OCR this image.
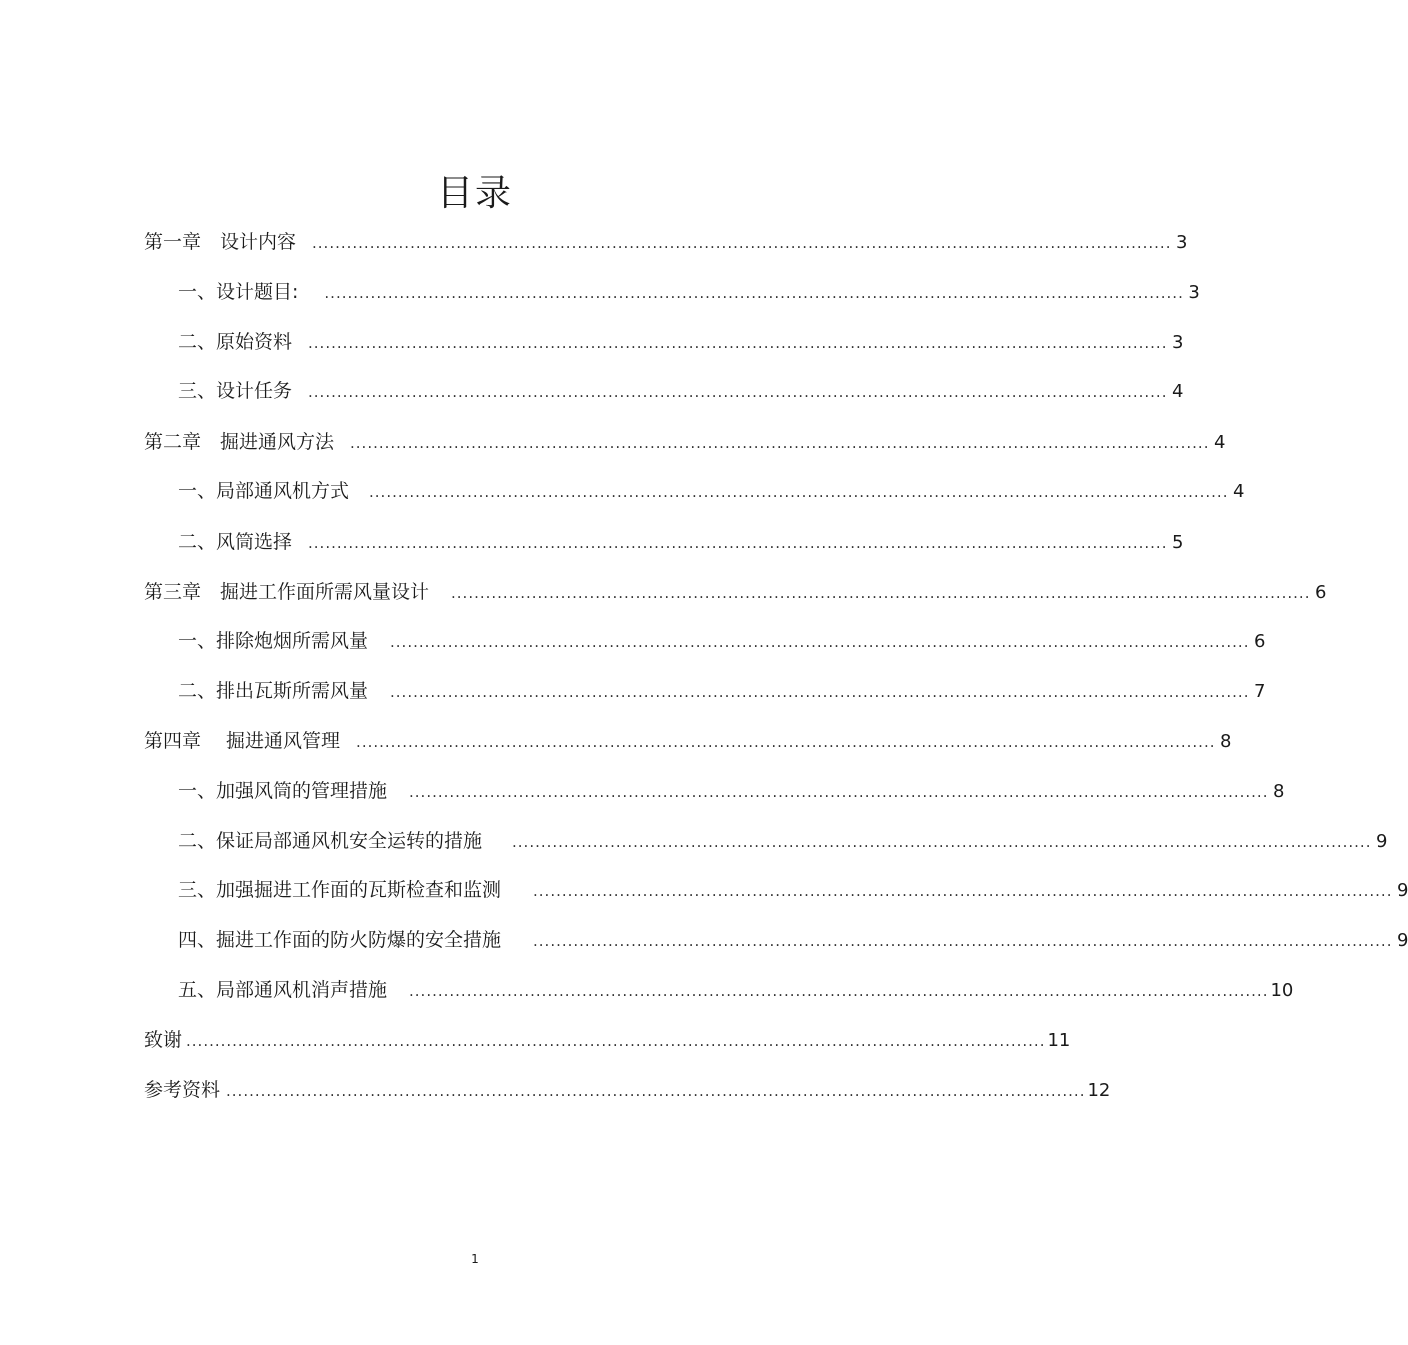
目录
第一章　设计内容 ..................................................................................................................................................... 3
一、设计题目: ..................................................................................................................................................... 3
二、原始资料 ..................................................................................................................................................... 3
三、设计任务 ..................................................................................................................................................... 4
第二章　掘进通风方法 ..................................................................................................................................................... 4
一、局部通风机方式 ..................................................................................................................................................... 4
二、风筒选择 ..................................................................................................................................................... 5
第三章　掘进工作面所需风量设计 ..................................................................................................................................................... 6
一、排除炮烟所需风量 ..................................................................................................................................................... 6
二、排出瓦斯所需风量 ..................................................................................................................................................... 7
第四章　 掘进通风管理 ..................................................................................................................................................... 8
一、加强风筒的管理措施 ..................................................................................................................................................... 8
二、保证局部通风机安全运转的措施 ..................................................................................................................................................... 9
三、加强掘进工作面的瓦斯检查和监测 ..................................................................................................................................................... 9
四、掘进工作面的防火防爆的安全措施 ..................................................................................................................................................... 9
五、局部通风机消声措施 ..................................................................................................................................................... 10
致谢 ..................................................................................................................................................... 11
参考资料 ..................................................................................................................................................... 12
1
